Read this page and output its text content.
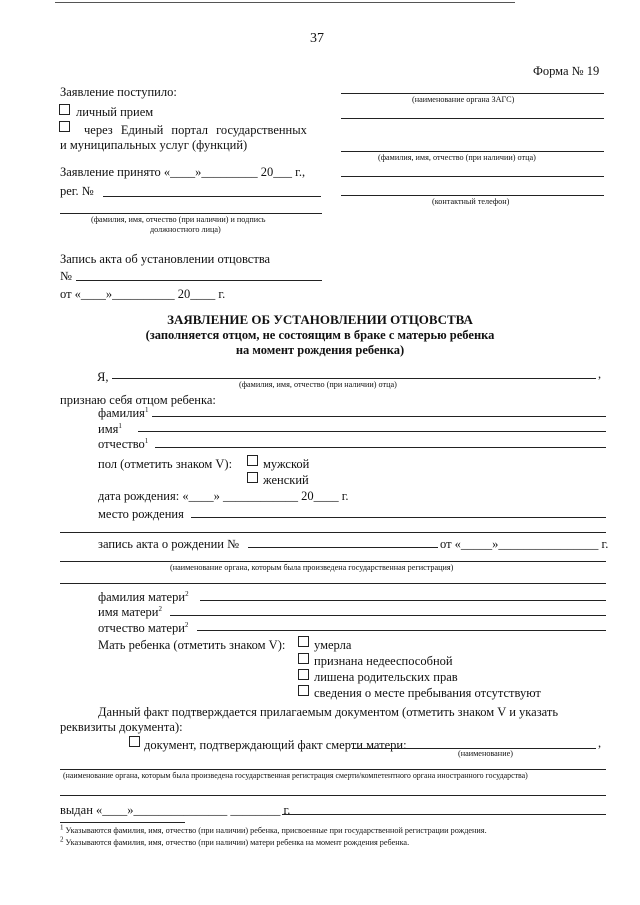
37
Форма № 19
Заявление поступило:
личный прием
через Единый портал государственных
и муниципальных услуг (функций)
Заявление принято «____»_________ 20___ г.,
рег. №
(фамилия, имя, отчество (при наличии) и подпись
должностного лица)
Запись акта об установлении отцовства
№
от «____»__________ 20____ г.
(наименование органа ЗАГС)
(фамилия, имя, отчество (при наличии) отца)
(контактный телефон)
ЗАЯВЛЕНИЕ ОБ УСТАНОВЛЕНИИ ОТЦОВСТВА
(заполняется отцом, не состоящим в браке с матерью ребенка
на момент рождения ребенка)
Я,	,
(фамилия, имя, отчество (при наличии) отца)
признаю себя отцом ребенка:
фамилия$^1$
имя$^1$
отчество$^1$
пол (отметить знаком V): мужской
женский
дата рождения: «____» ____________ 20____ г.
место рождения
запись акта о рождении №	от «_____»________________ г.
(наименование органа, которым была произведена государственная регистрация)
фамилия матери$^2$
имя матери$^2$
отчество матери$^2$
Мать ребенка (отметить знаком V): умерла
признана недееспособной
лишена родительских прав
сведения о месте пребывания отсутствуют
Данный факт подтверждается прилагаемым документом (отметить знаком V и указать
реквизиты документа):
документ, подтверждающий факт смерти матери:	,
(наименование)
(наименование органа, которым была произведена государственная регистрация смерти/компетентного органа иностранного государства)
выдан «____»_______________ ________ г.
1 Указываются фамилия, имя, отчество (при наличии) ребенка, присвоенные при государственной регистрации рождения.
2 Указываются фамилия, имя, отчество (при наличии) матери ребенка на момент рождения ребенка.
